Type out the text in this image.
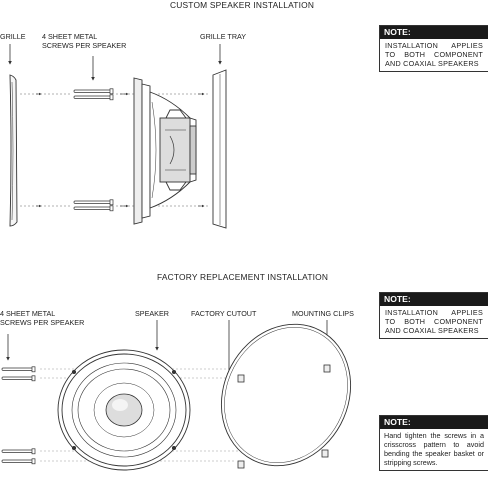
CUSTOM SPEAKER INSTALLATION
GRILLE 4 SHEET METAL
SCREWS PER SPEAKER
GRILLE TRAY	NOTE:
INSTALLATION APPLIES TO BOTH COMPONENT AND COAXIAL SPEAKERS
FACTORY REPLACEMENT INSTALLATION
4 SHEET METAL
SCREWS PER SPEAKER
SPEAKER	FACTORY CUTOUT	MOUNTING CLIPS
NOTE:
INSTALLATION APPLIES TO BOTH COMPONENT AND COAXIAL SPEAKERS
NOTE:
Hand tighten the screws in a crisscross pattern to avoid bending the speaker basket or stripping screws.
